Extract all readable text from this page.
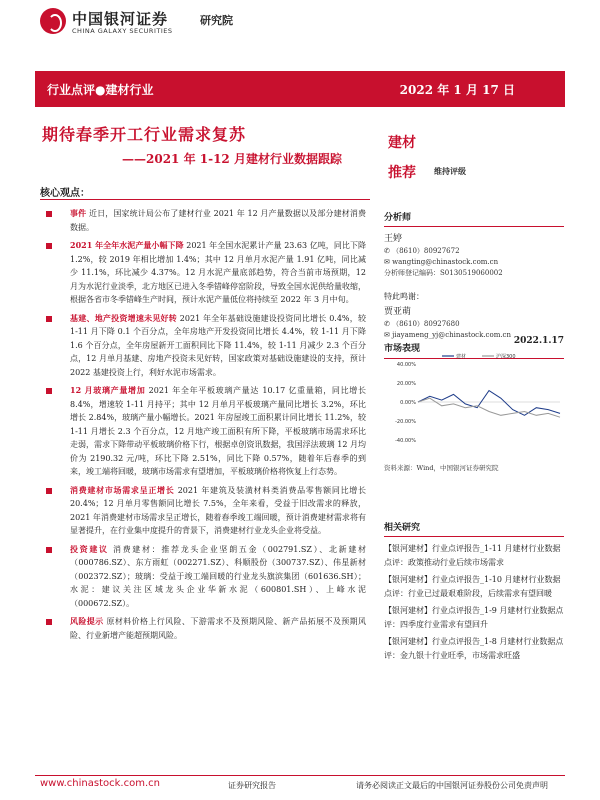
中国银河证券
CHINA GALAXY SECURITIES
研究院
行业点评●建材行业	2022 年 1 月 17 日
期待春季开工行业需求复苏
——2021 年 1-12 月建材行业数据跟踪
建材
推荐 维持评级
核心观点：
事件 近日，国家统计局公布了建材行业 2021 年 12 月产量数据以及部分建材消费数据。
2021 年全年水泥产量小幅下降 2021 年全国水泥累计产量 23.63 亿吨，同比下降 1.2%，较 2019 年相比增加 1.4%；其中 12 月单月水泥产量 1.91 亿吨，同比减少 11.1%，环比减少 4.37%。12 月水泥产量底部趋势，符合当前市场预期，12 月为水泥行业淡季，北方地区已进入冬季错峰停窑阶段，导致全国水泥供给量收缩，根据各省市冬季错峰生产时间，预计水泥产量低位将持续至 2022 年 3 月中旬。
基建、地产投资增速未见好转 2021 年全年基础设施建设投资同比增长 0.4%，较 1-11 月下降 0.1 个百分点，全年房地产开发投资同比增长 4.4%，较 1-11 月下降 1.6 个百分点，全年房屋新开工面积同比下降 11.4%，较 1-11 月减少 2.3 个百分点，12 月单月基建、房地产投资未见好转，国家政策对基础设施建设的支持，预计 2022 基建投资上行，利好水泥市场需求。
12 月玻璃产量增加 2021 年全年平板玻璃产量达 10.17 亿重量箱，同比增长 8.4%，增速较 1-11 月持平；其中 12 月单月平板玻璃产量同比增长 3.2%，环比增长 2.84%，玻璃产量小幅增长。2021 年房屋竣工面积累计同比增长 11.2%，较 1-11 月增长 2.3 个百分点，12 月地产竣工面积有所下降，平板玻璃市场需求环比走弱，需求下降带动平板玻璃价格下行，根据卓创资讯数据，我国浮法玻璃 12 月均价为 2190.32 元/吨，环比下降 2.51%，同比下降 0.57%，随着年后春季的到来，竣工端将回暖，玻璃市场需求有望增加，平板玻璃价格将恢复上行态势。
消费建材市场需求呈正增长 2021 年建筑及装潢材料类消费品零售额同比增长 20.4%；12 月单月零售额同比增长 7.5%，全年来看，受益于旧改需求的释放，2021 年消费建材市场需求呈正增长，随着春季竣工端回暖，预计消费建材需求将有显著提升，在行业集中度提升的背景下，消费建材行业龙头企业将受益。
投资建议 消费建材：推荐龙头企业坚朗五金（002791.SZ）、北新建材（000786.SZ）、东方雨虹（002271.SZ）、科顺股份（300737.SZ）、伟星新材（002372.SZ）；玻璃：受益于竣工端回暖的行业龙头旗滨集团（601636.SH）；水泥：建议关注区域龙头企业华新水泥（600801.SH）、上峰水泥（000672.SZ）。
风险提示 原材料价格上行风险、下游需求不及预期风险、新产品拓展不及预期风险、行业新增产能超预期风险。
分析师
王婷
✆ （8610）80927672
✉ wangting@chinastock.com.cn
分析师登记编码：S0130519060002
特此鸣谢：
贾亚萌
✆ （8610）80927680
✉ jiayameng_yj@chinastock.com.cn
市场表现
2022.1.17
40.00%
20.00%
0.00%
-20.00%
-40.00%
建材	沪深300
资料来源：Wind，中国银河证券研究院
相关研究
【银河建材】行业点评报告_1-11 月建材行业数据点评：政策推动行业后续市场需求
【银河建材】行业点评报告_1-10 月建材行业数据点评：行业已过最艰难阶段，后续需求有望回暖
【银河建材】行业点评报告_1-9 月建材行业数据点评：四季度行业需求有望回升
【银河建材】行业点评报告_1-8 月建材行业数据点评：金九银十行业旺季，市场需求旺盛
www.chinastock.com.cn	证券研究报告	请务必阅读正文最后的中国银河证券股份公司免责声明
